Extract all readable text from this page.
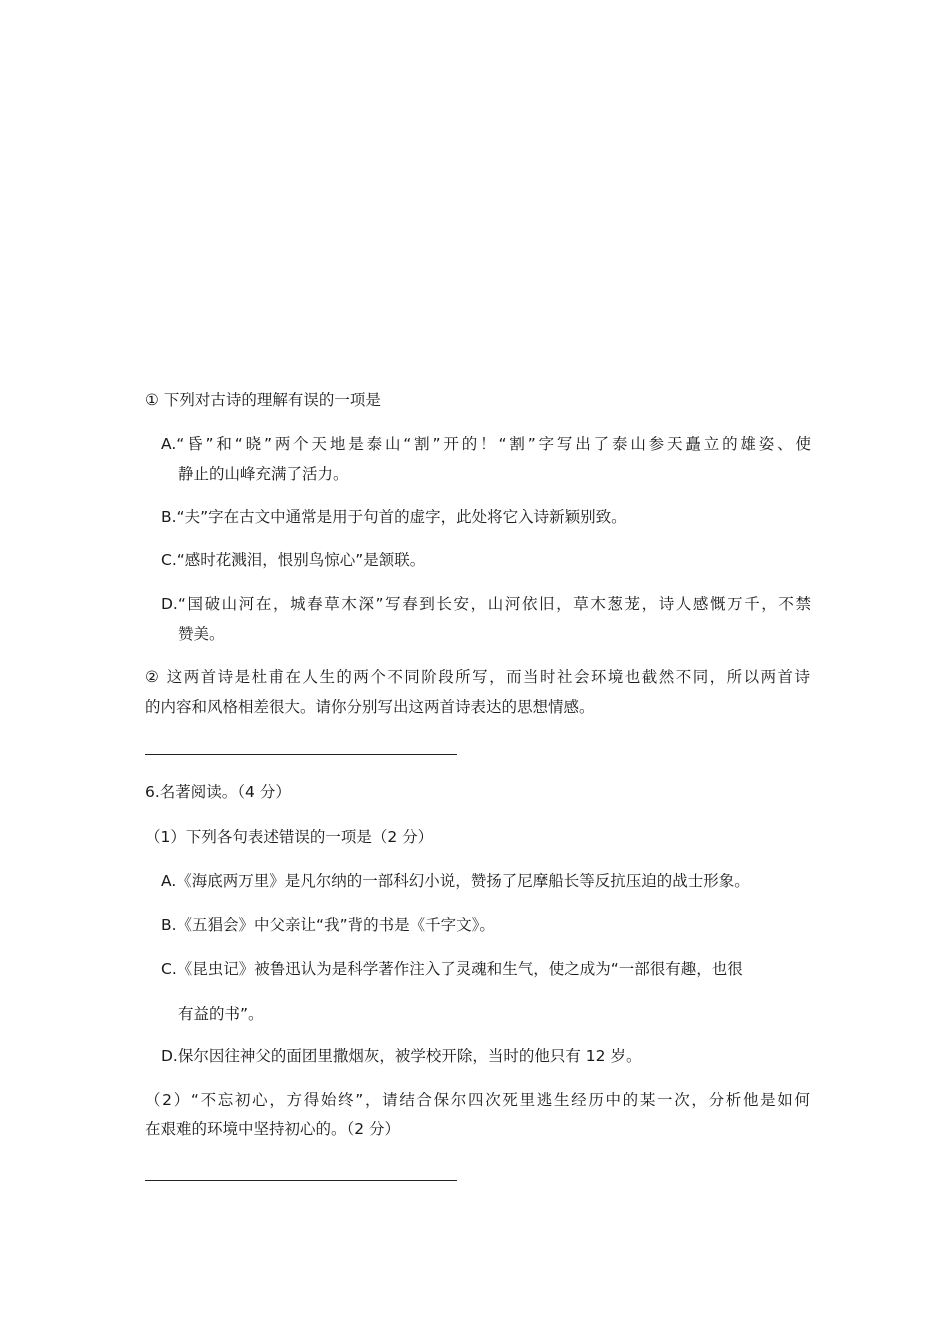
① 下列对古诗的理解有误的一项是
A.“昏”和“晓”两个天地是泰山“割”开的！“割”字写出了泰山参天矗立的雄姿、使
静止的山峰充满了活力。
B.“夫”字在古文中通常是用于句首的虚字，此处将它入诗新颖别致。
C.“感时花溅泪，恨别鸟惊心”是颔联。
D.“国破山河在，城春草木深”写春到长安，山河依旧，草木葱茏，诗人感慨万千，不禁
赞美。
② 这两首诗是杜甫在人生的两个不同阶段所写，而当时社会环境也截然不同，所以两首诗
的内容和风格相差很大。请你分别写出这两首诗表达的思想情感。
6.名著阅读。（4 分）
（1）下列各句表述错误的一项是（2 分）
A.《海底两万里》是凡尔纳的一部科幻小说，赞扬了尼摩船长等反抗压迫的战士形象。
B.《五猖会》中父亲让“我”背的书是《千字文》。
C.《昆虫记》被鲁迅认为是科学著作注入了灵魂和生气，使之成为“一部很有趣，也很
有益的书”。
D.保尔因往神父的面团里撒烟灰，被学校开除，当时的他只有 12 岁。
（2）“不忘初心，方得始终”，请结合保尔四次死里逃生经历中的某一次，分析他是如何
在艰难的环境中坚持初心的。（2 分）
